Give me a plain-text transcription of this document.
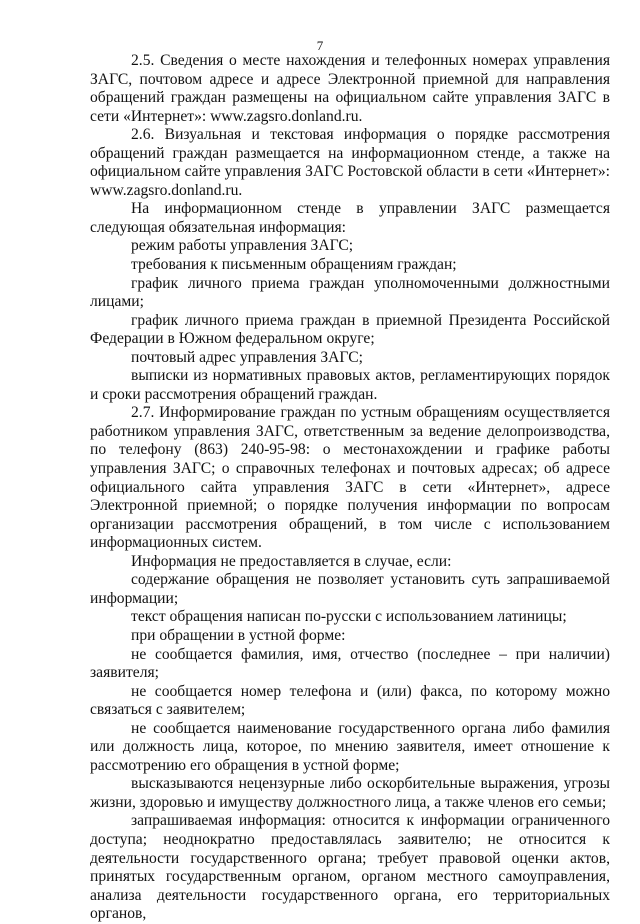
7

2.5. Сведения о месте нахождения и телефонных номерах управления ЗАГС, почтовом адресе и адресе Электронной приемной для направления обращений граждан размещены на официальном сайте управления ЗАГС в сети «Интернет»: www.zagsro.donland.ru.

2.6. Визуальная и текстовая информация о порядке рассмотрения обращений граждан размещается на информационном стенде, а также на официальном сайте управления ЗАГС Ростовской области в сети «Интернет»: www.zagsro.donland.ru.

На информационном стенде в управлении ЗАГС размещается следующая обязательная информация:

режим работы управления ЗАГС;

требования к письменным обращениям граждан;

график личного приема граждан уполномоченными должностными лицами;

график личного приема граждан в приемной Президента Российской Федерации в Южном федеральном округе;

почтовый адрес управления ЗАГС;

выписки из нормативных правовых актов, регламентирующих порядок и сроки рассмотрения обращений граждан.

2.7. Информирование граждан по устным обращениям осуществляется работником управления ЗАГС, ответственным за ведение делопроизводства, по телефону (863) 240-95-98: о местонахождении и графике работы управления ЗАГС; о справочных телефонах и почтовых адресах; об адресе официального сайта управления ЗАГС в сети «Интернет», адресе Электронной приемной; о порядке получения информации по вопросам организации рассмотрения обращений, в том числе с использованием информационных систем.

Информация не предоставляется в случае, если:

содержание обращения не позволяет установить суть запрашиваемой информации;

текст обращения написан по-русски с использованием латиницы;

при обращении в устной форме:

не сообщается фамилия, имя, отчество (последнее – при наличии) заявителя;

не сообщается номер телефона и (или) факса, по которому можно связаться с заявителем;

не сообщается наименование государственного органа либо фамилия или должность лица, которое, по мнению заявителя, имеет отношение к рассмотрению его обращения в устной форме;

высказываются нецензурные либо оскорбительные выражения, угрозы жизни, здоровью и имуществу должностного лица, а также членов его семьи;

запрашиваемая информация: относится к информации ограниченного доступа; неоднократно предоставлялась заявителю; не относится к деятельности государственного органа; требует правовой оценки актов, принятых государственным органом, органом местного самоуправления, анализа деятельности государственного органа, его территориальных органов,
